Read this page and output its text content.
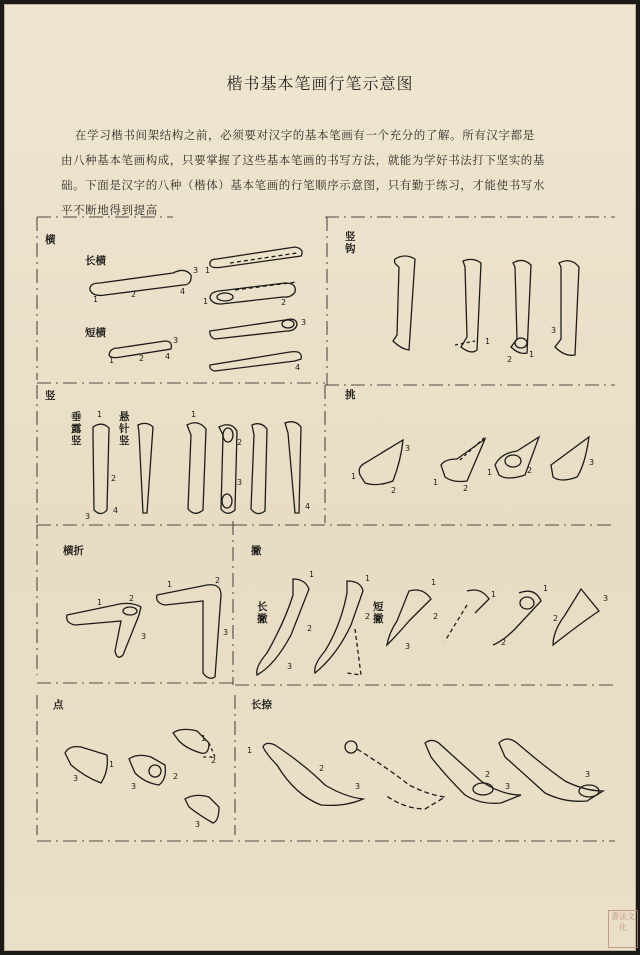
楷书基本笔画行笔示意图
在学习楷书间架结构之前，必须要对汉字的基本笔画有一个充分的了解。所有汉字都是
由八种基本笔画构成，只要掌握了这些基本笔画的书写方法，就能为学好书法打下坚实的基
础。下面是汉字的八种（楷体）基本笔画的行笔顺序示意图，只有勤于练习，才能使书写水
平不断地得到提高
1
2
3
4
1	2
3
4
1
1	2
3
4
1
2
1
3
1
2
3
4
1
2
3
4
1
2
3
1
2
1	2
3
1	2
3
1	2
3
1
2
3
1
2
1
2
3
1
2
1
2
3
3
1
3
2
1
2
3
1
2
3
2
3
3
横
长横
短横
竖钩
竖
垂露竖
悬针竖
挑
横折	撇
长撇
短撇
点	长捺
書法文化
